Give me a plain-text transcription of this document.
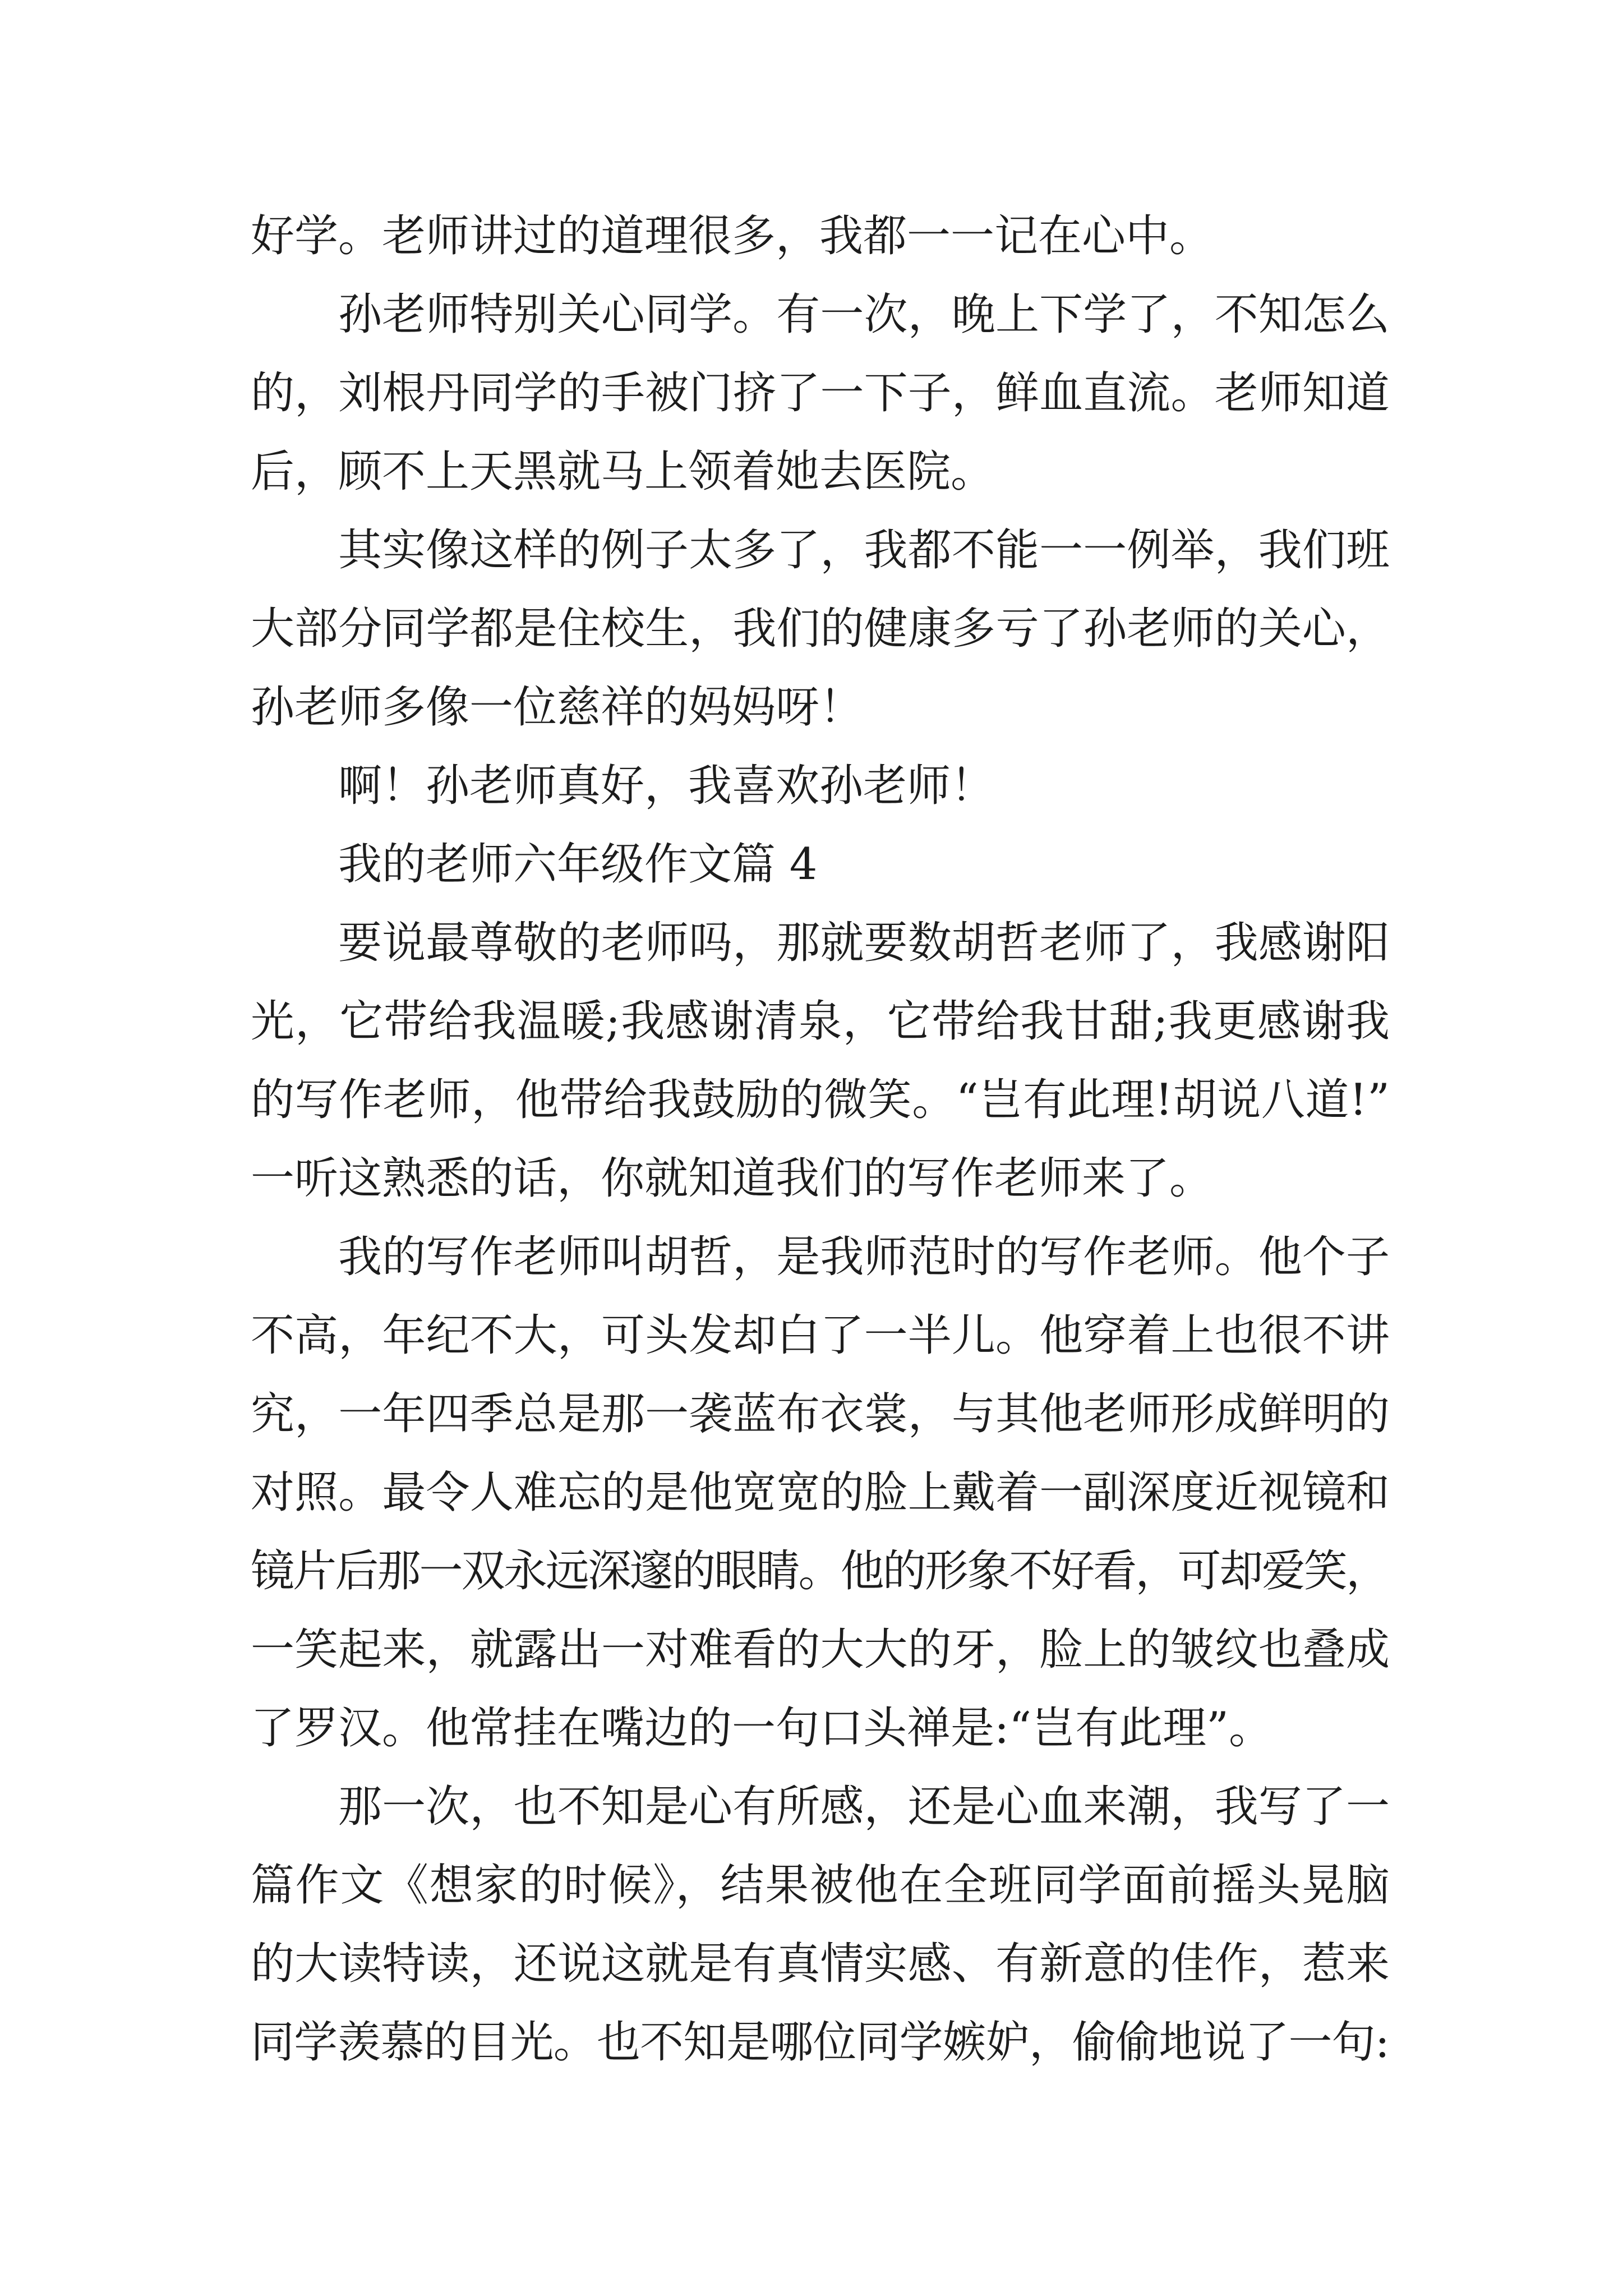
好学。老师讲过的道理很多，我都一一记在心中。
孙老师特别关心同学。有一次，晚上下学了，不知怎么
的，刘根丹同学的手被门挤了一下子，鲜血直流。老师知道
后，顾不上天黑就马上领着她去医院。
其实像这样的例子太多了，我都不能一一例举，我们班
大部分同学都是住校生，我们的健康多亏了孙老师的关心，
孙老师多像一位慈祥的妈妈呀！
啊！孙老师真好，我喜欢孙老师！
我的老师六年级作文篇 4
要说最尊敬的老师吗，那就要数胡哲老师了，我感谢阳
光，它带给我温暖;我感谢清泉，它带给我甘甜;我更感谢我
的写作老师，他带给我鼓励的微笑。“岂有此理!胡说八道!”
一听这熟悉的话，你就知道我们的写作老师来了。
我的写作老师叫胡哲，是我师范时的写作老师。他个子
不高，年纪不大，可头发却白了一半儿。他穿着上也很不讲
究，一年四季总是那一袭蓝布衣裳，与其他老师形成鲜明的
对照。最令人难忘的是他宽宽的脸上戴着一副深度近视镜和
镜片后那一双永远深邃的眼睛。他的形象不好看，可却爱笑，
一笑起来，就露出一对难看的大大的牙，脸上的皱纹也叠成
了罗汉。他常挂在嘴边的一句口头禅是:“岂有此理”。
那一次，也不知是心有所感，还是心血来潮，我写了一
篇作文《想家的时候》，结果被他在全班同学面前摇头晃脑
的大读特读，还说这就是有真情实感、有新意的佳作，惹来
同学羡慕的目光。也不知是哪位同学嫉妒，偷偷地说了一句:
